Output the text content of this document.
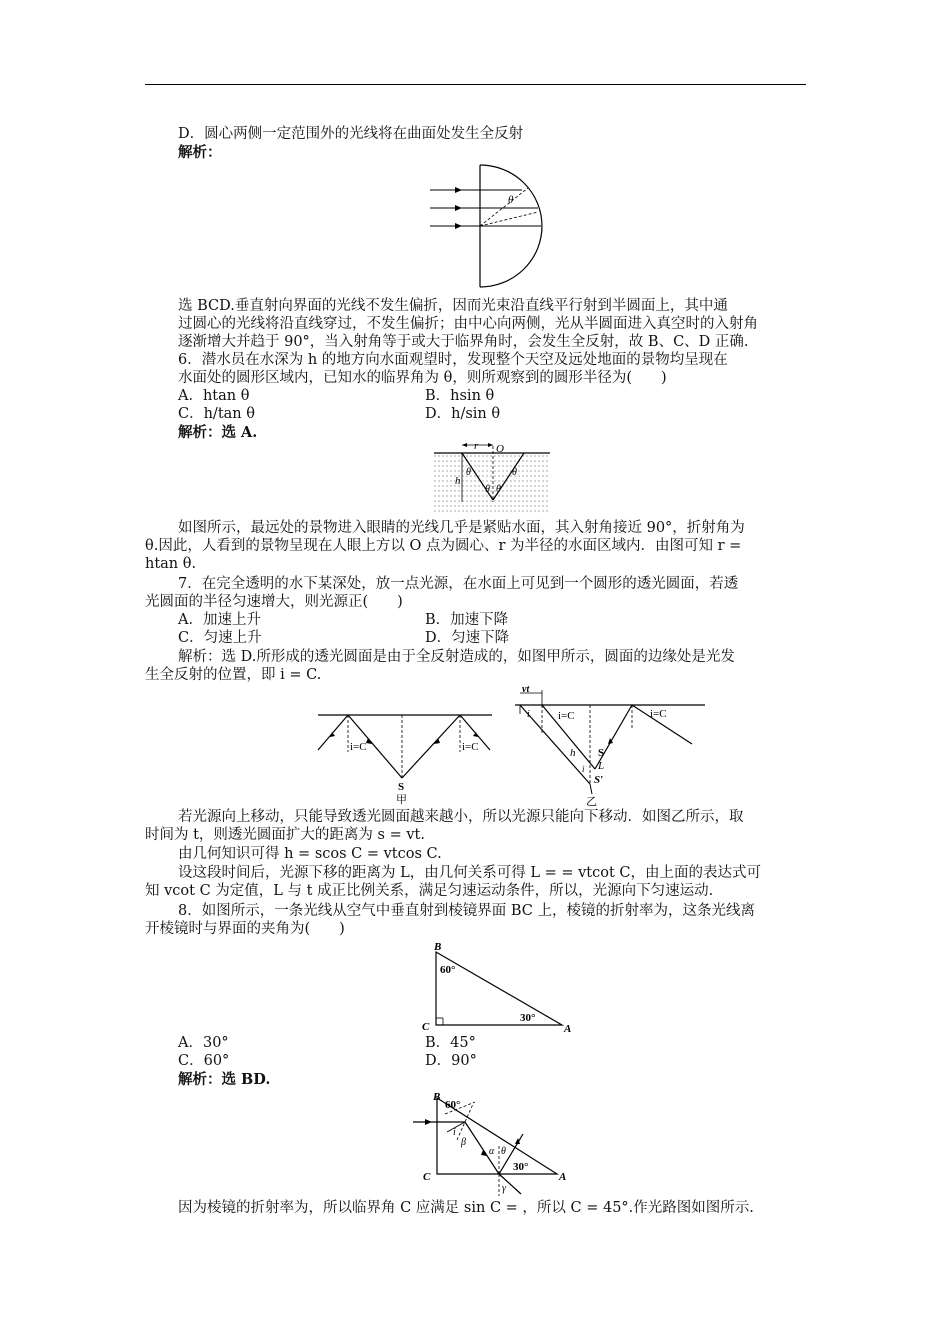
D．圆心两侧一定范围外的光线将在曲面处发生全反射
解析：
θ
选 BCD.垂直射向界面的光线不发生偏折，因而光束沿直线平行射到半圆面上，其中通
过圆心的光线将沿直线穿过，不发生偏折；由中心向两侧，光从半圆面进入真空时的入射角
逐渐增大并趋于 90°，当入射角等于或大于临界角时，会发生全反射，故 B、C、D 正确.
6．潜水员在水深为 h 的地方向水面观望时，发现整个天空及远处地面的景物均呈现在
水面处的圆形区域内，已知水的临界角为 θ，则所观察到的圆形半径为(　　)
A．htan θ	B．hsin θ
C．h/tan θ	D．h/sin θ
解析：选 A.
r O
h
θ	θ
θ θ
如图所示，最远处的景物进入眼睛的光线几乎是紧贴水面，其入射角接近 90°，折射角为
θ.因此，人看到的景物呈现在人眼上方以 O 点为圆心、r 为半径的水面区域内．由图可知 r =
htan θ.
7．在完全透明的水下某深处，放一点光源，在水面上可见到一个圆形的透光圆面，若透
光圆面的半径匀速增大，则光源正(　　)
A．加速上升	B．加速下降
C．匀速上升	D．匀速下降
解析：选 D.所形成的透光圆面是由于全反射造成的，如图甲所示，圆面的边缘处是光发
生全反射的位置，即 i = C.
i=C	i=C
S
甲
vt
i	i=C	i=C
h S
L
i
S′
乙
若光源向上移动，只能导致透光圆面越来越小，所以光源只能向下移动．如图乙所示，取
时间为 t，则透光圆面扩大的距离为 s = vt.
由几何知识可得 h = scos C = vtcos C.
设这段时间后，光源下移的距离为 L，由几何关系可得 L = = vtcot C，由上面的表达式可
知 vcot C 为定值，L 与 t 成正比例关系，满足匀速运动条件，所以，光源向下匀速运动.
8．如图所示，一条光线从空气中垂直射到棱镜界面 BC 上，棱镜的折射率为，这条光线离
开棱镜时与界面的夹角为(　　)
B
C	A
60°
30°
A．30°	B．45°
C．60°	D．90°
解析：选 BD.
B
C	A
60°
30°
i
β
α θ
γ
因为棱镜的折射率为，所以临界角 C 应满足 sin C = ，所以 C = 45°.作光路图如图所示.
